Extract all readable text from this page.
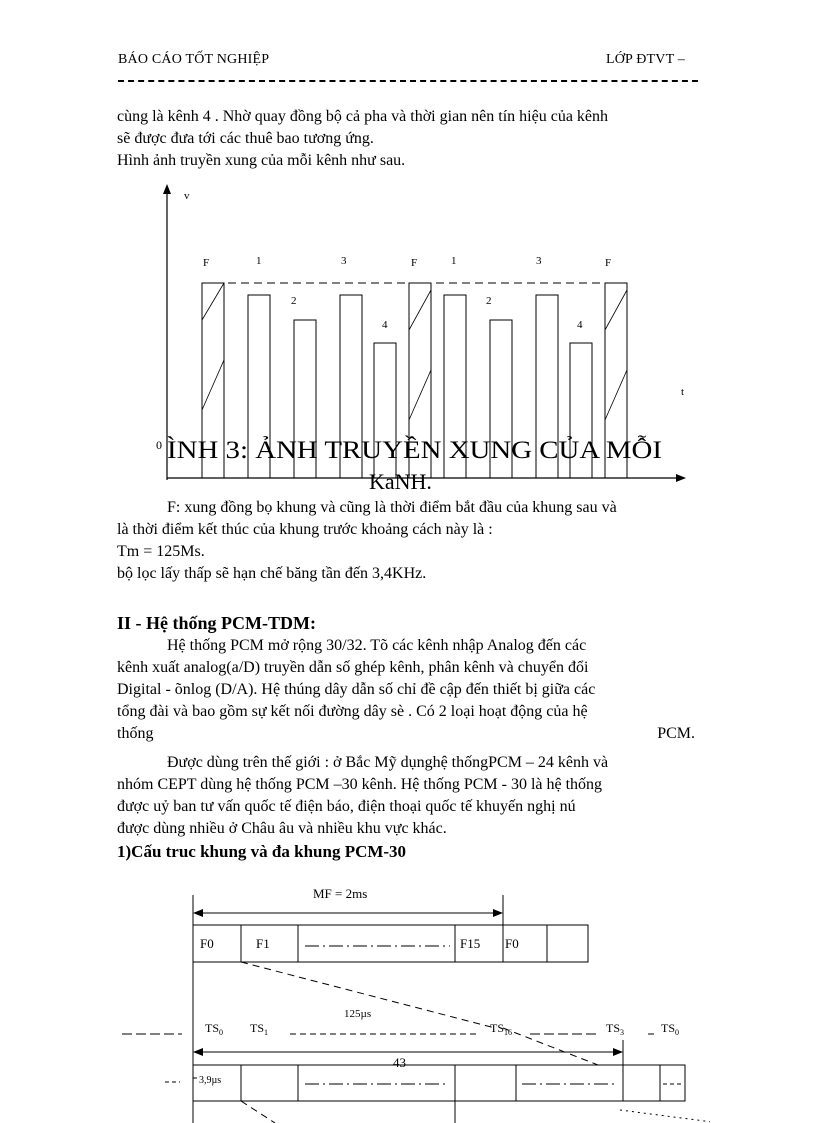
BÁO CÁO TỐT NGHIỆP	LỚP ĐTVT –
cùng là kênh 4 . Nhờ quay đồng bộ cả pha và thời gian nên tín hiệu của kênh
sẽ được đưa tới các thuê bao tương ứng.
Hình ảnh truyền xung của mỗi kênh như sau.
v
t
0
F	1
2
3
4
F	1
2
3
4
F
ÌNH 3: ẢNH TRUYỀN XUNG CỦA MỖI
KaNH.
F: xung đồng bọ khung và cũng là thời điểm bắt đầu của khung sau và
là thời điểm kết thúc của khung trước khoảng cách này là :
Tm = 125Ms.
bộ lọc lấy thấp sẽ hạn chế băng tần đến 3,4KHz.
II - Hệ thống PCM-TDM:
Hệ thống PCM mở rộng 30/32. Tõ các kênh nhập Analog đến các
kênh xuất analog(a/D) truyền dẫn số ghép kênh, phân kênh và chuyển đổi
Digital - õnlog (D/A). Hệ thúng dây dẫn số chỉ đề cập đến thiết bị giữa các
tổng đài và bao gồm sự kết nối đường dây sè . Có 2 loại hoạt động của hệ
thống	PCM.
Được dùng trên thế giới : ở Bắc Mỹ dụnghệ thốngPCM – 24 kênh và
nhóm CEPT dùng hệ thống PCM –30 kênh. Hệ thống PCM - 30 là hệ thống
được uỷ ban tư vấn quốc tế điện báo, điện thoại quốc tế khuyến nghị nú
được dùng nhiều ở Châu âu và nhiều khu vực khác.
1)Cấu truc khung và đa khung PCM-30
MF = 2ms
F0	F1	F15 F0
125µs
$TS_0$ $TS_1$	$TS_{16}$	$TS_3$	$TS_0$
43
3,9µs
